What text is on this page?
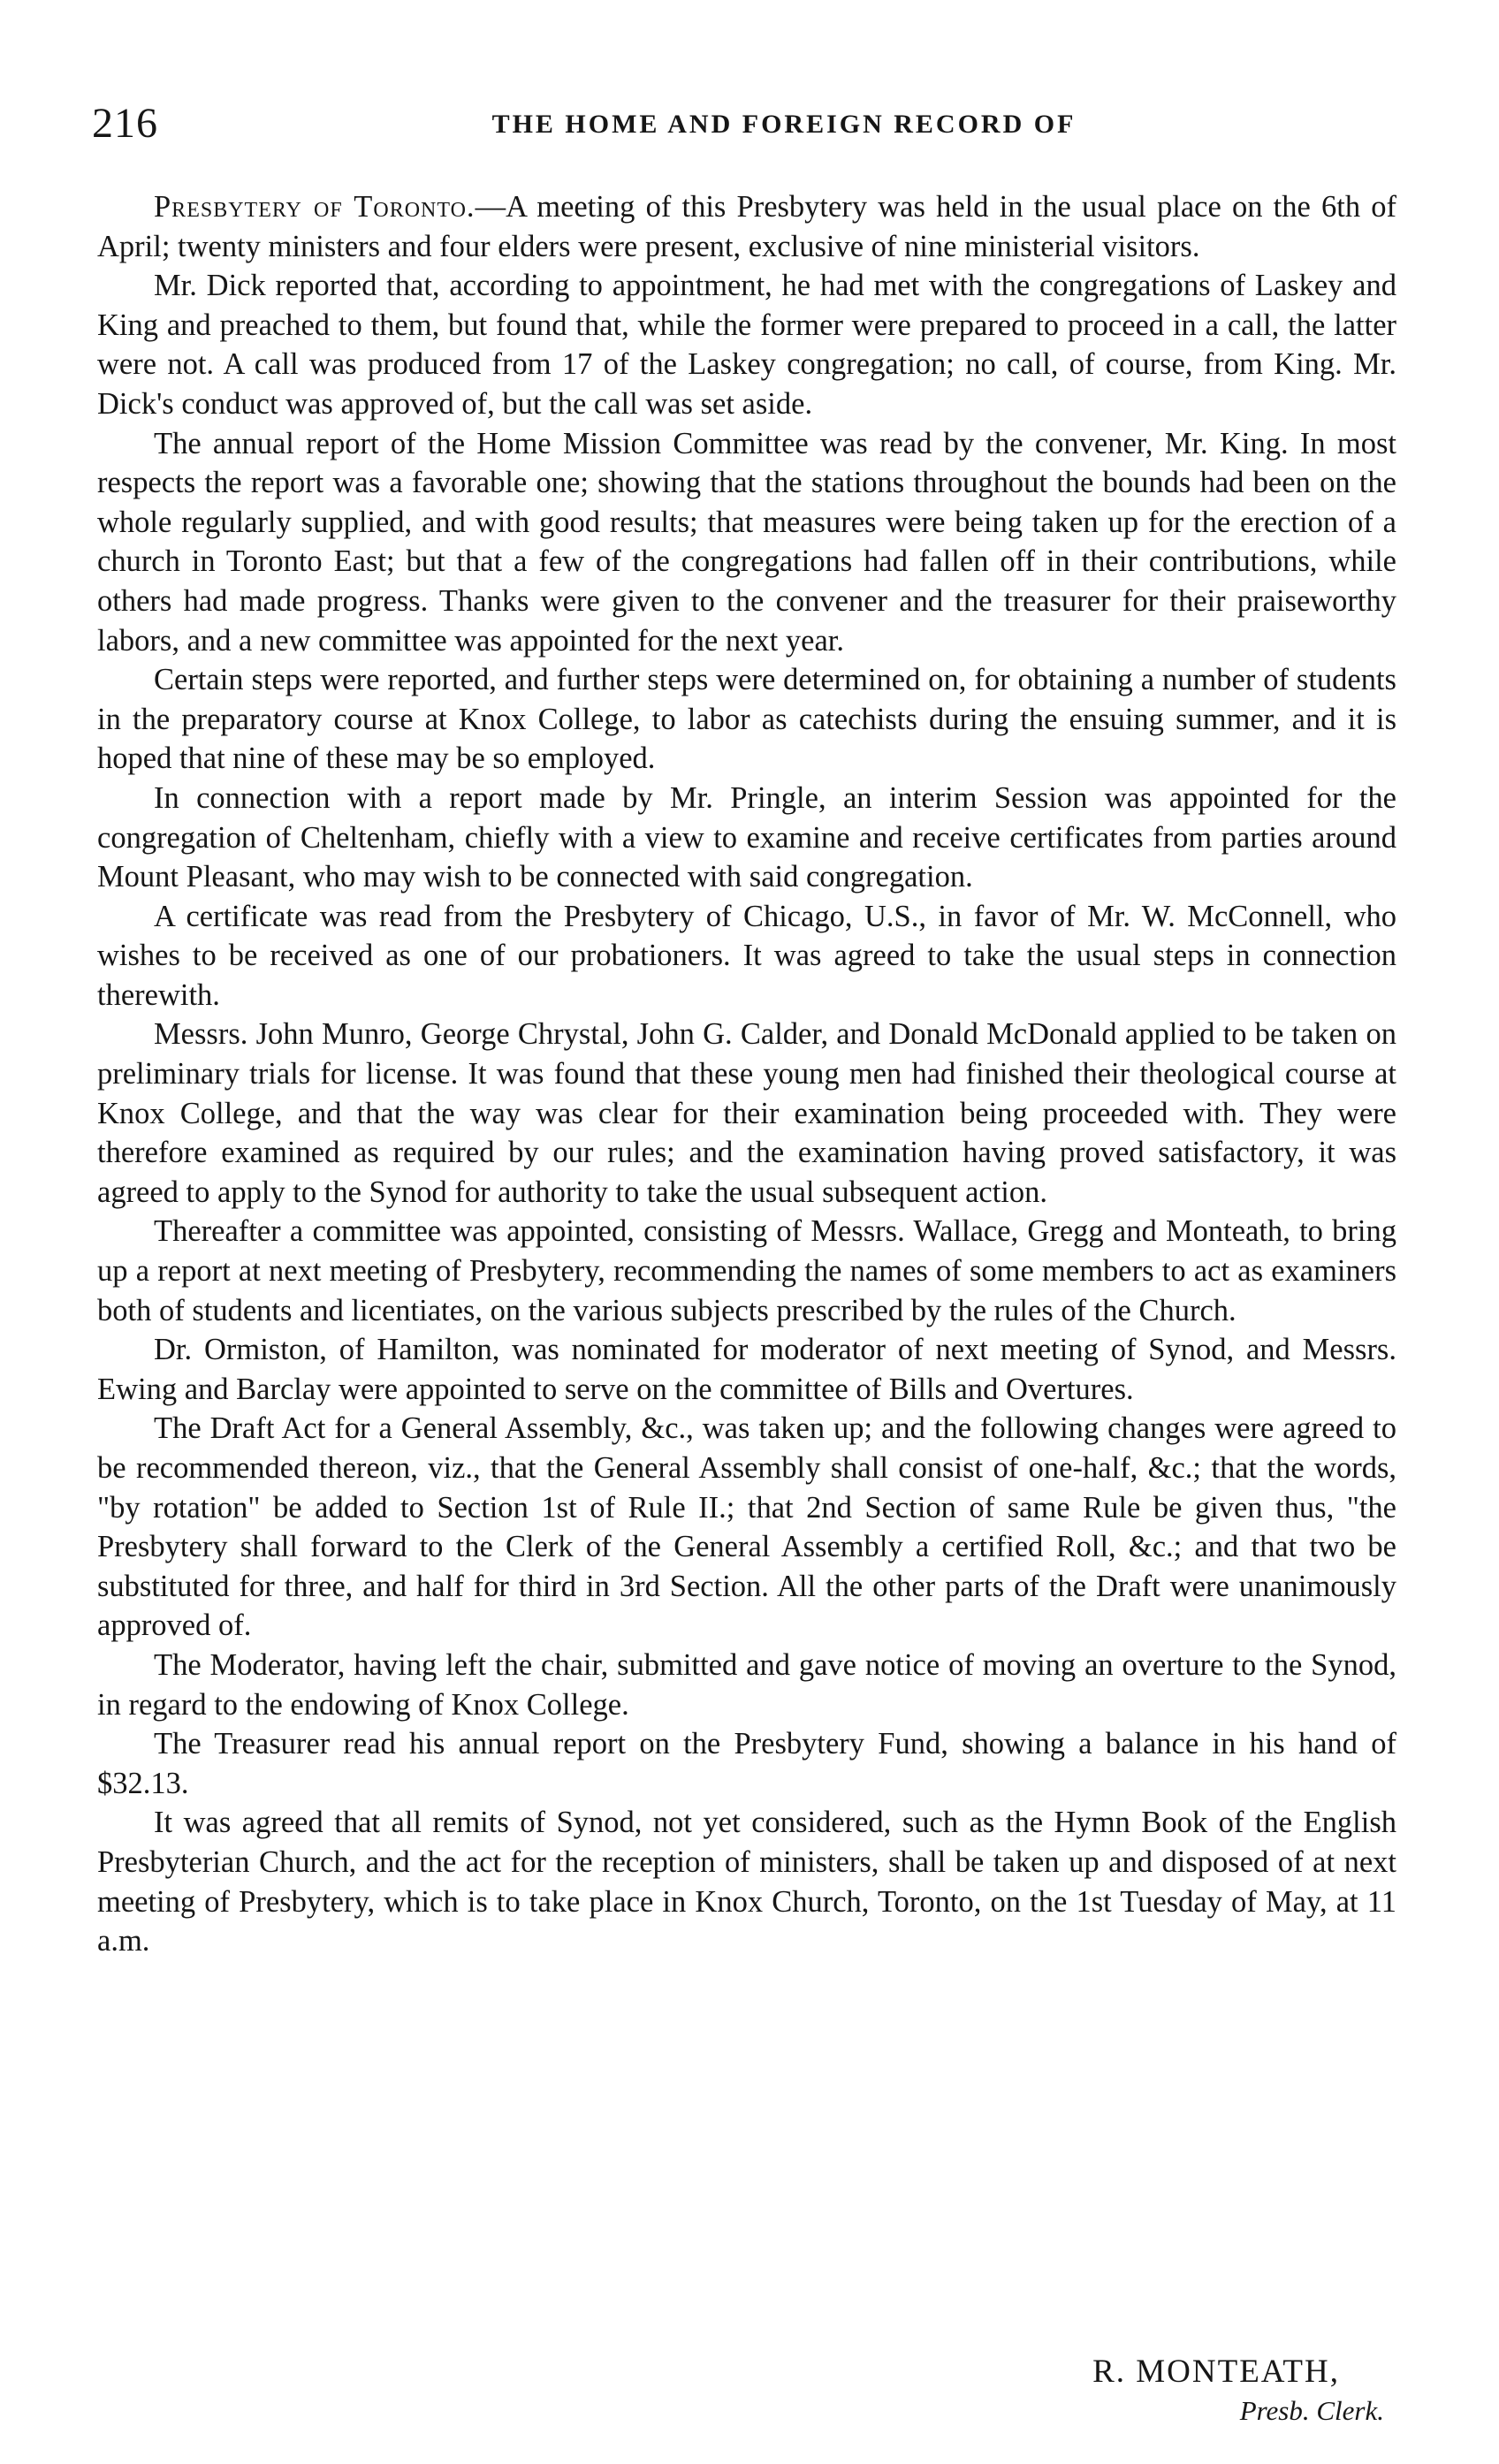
216	THE HOME AND FOREIGN RECORD OF

Presbytery of Toronto.—A meeting of this Presbytery was held in the usual place on the 6th of April; twenty ministers and four elders were present, exclusive of nine ministerial visitors.

Mr. Dick reported that, according to appointment, he had met with the congregations of Laskey and King and preached to them, but found that, while the former were prepared to proceed in a call, the latter were not. A call was produced from 17 of the Laskey congregation; no call, of course, from King. Mr. Dick's conduct was approved of, but the call was set aside.

The annual report of the Home Mission Committee was read by the convener, Mr. King. In most respects the report was a favorable one; showing that the stations throughout the bounds had been on the whole regularly supplied, and with good results; that measures were being taken up for the erection of a church in Toronto East; but that a few of the congregations had fallen off in their contributions, while others had made progress. Thanks were given to the convener and the treasurer for their praiseworthy labors, and a new committee was appointed for the next year.

Certain steps were reported, and further steps were determined on, for obtaining a number of students in the preparatory course at Knox College, to labor as catechists during the ensuing summer, and it is hoped that nine of these may be so employed.

In connection with a report made by Mr. Pringle, an interim Session was appointed for the congregation of Cheltenham, chiefly with a view to examine and receive certificates from parties around Mount Pleasant, who may wish to be connected with said congregation.

A certificate was read from the Presbytery of Chicago, U.S., in favor of Mr. W. McConnell, who wishes to be received as one of our probationers. It was agreed to take the usual steps in connection therewith.

Messrs. John Munro, George Chrystal, John G. Calder, and Donald McDonald applied to be taken on preliminary trials for license. It was found that these young men had finished their theological course at Knox College, and that the way was clear for their examination being proceeded with. They were therefore examined as required by our rules; and the examination having proved satisfactory, it was agreed to apply to the Synod for authority to take the usual subsequent action.

Thereafter a committee was appointed, consisting of Messrs. Wallace, Gregg and Monteath, to bring up a report at next meeting of Presbytery, recommending the names of some members to act as examiners both of students and licentiates, on the various subjects prescribed by the rules of the Church.

Dr. Ormiston, of Hamilton, was nominated for moderator of next meeting of Synod, and Messrs. Ewing and Barclay were appointed to serve on the committee of Bills and Overtures.

The Draft Act for a General Assembly, &c., was taken up; and the following changes were agreed to be recommended thereon, viz., that the General Assembly shall consist of one-half, &c.; that the words, "by rotation" be added to Section 1st of Rule II.; that 2nd Section of same Rule be given thus, "the Presbytery shall forward to the Clerk of the General Assembly a certified Roll, &c.; and that two be substituted for three, and half for third in 3rd Section. All the other parts of the Draft were unanimously approved of.

The Moderator, having left the chair, submitted and gave notice of moving an overture to the Synod, in regard to the endowing of Knox College.

The Treasurer read his annual report on the Presbytery Fund, showing a balance in his hand of $32.13.

It was agreed that all remits of Synod, not yet considered, such as the Hymn Book of the English Presbyterian Church, and the act for the reception of ministers, shall be taken up and disposed of at next meeting of Presbytery, which is to take place in Knox Church, Toronto, on the 1st Tuesday of May, at 11 a.m.

R. MONTEATH,
Presb. Clerk.
